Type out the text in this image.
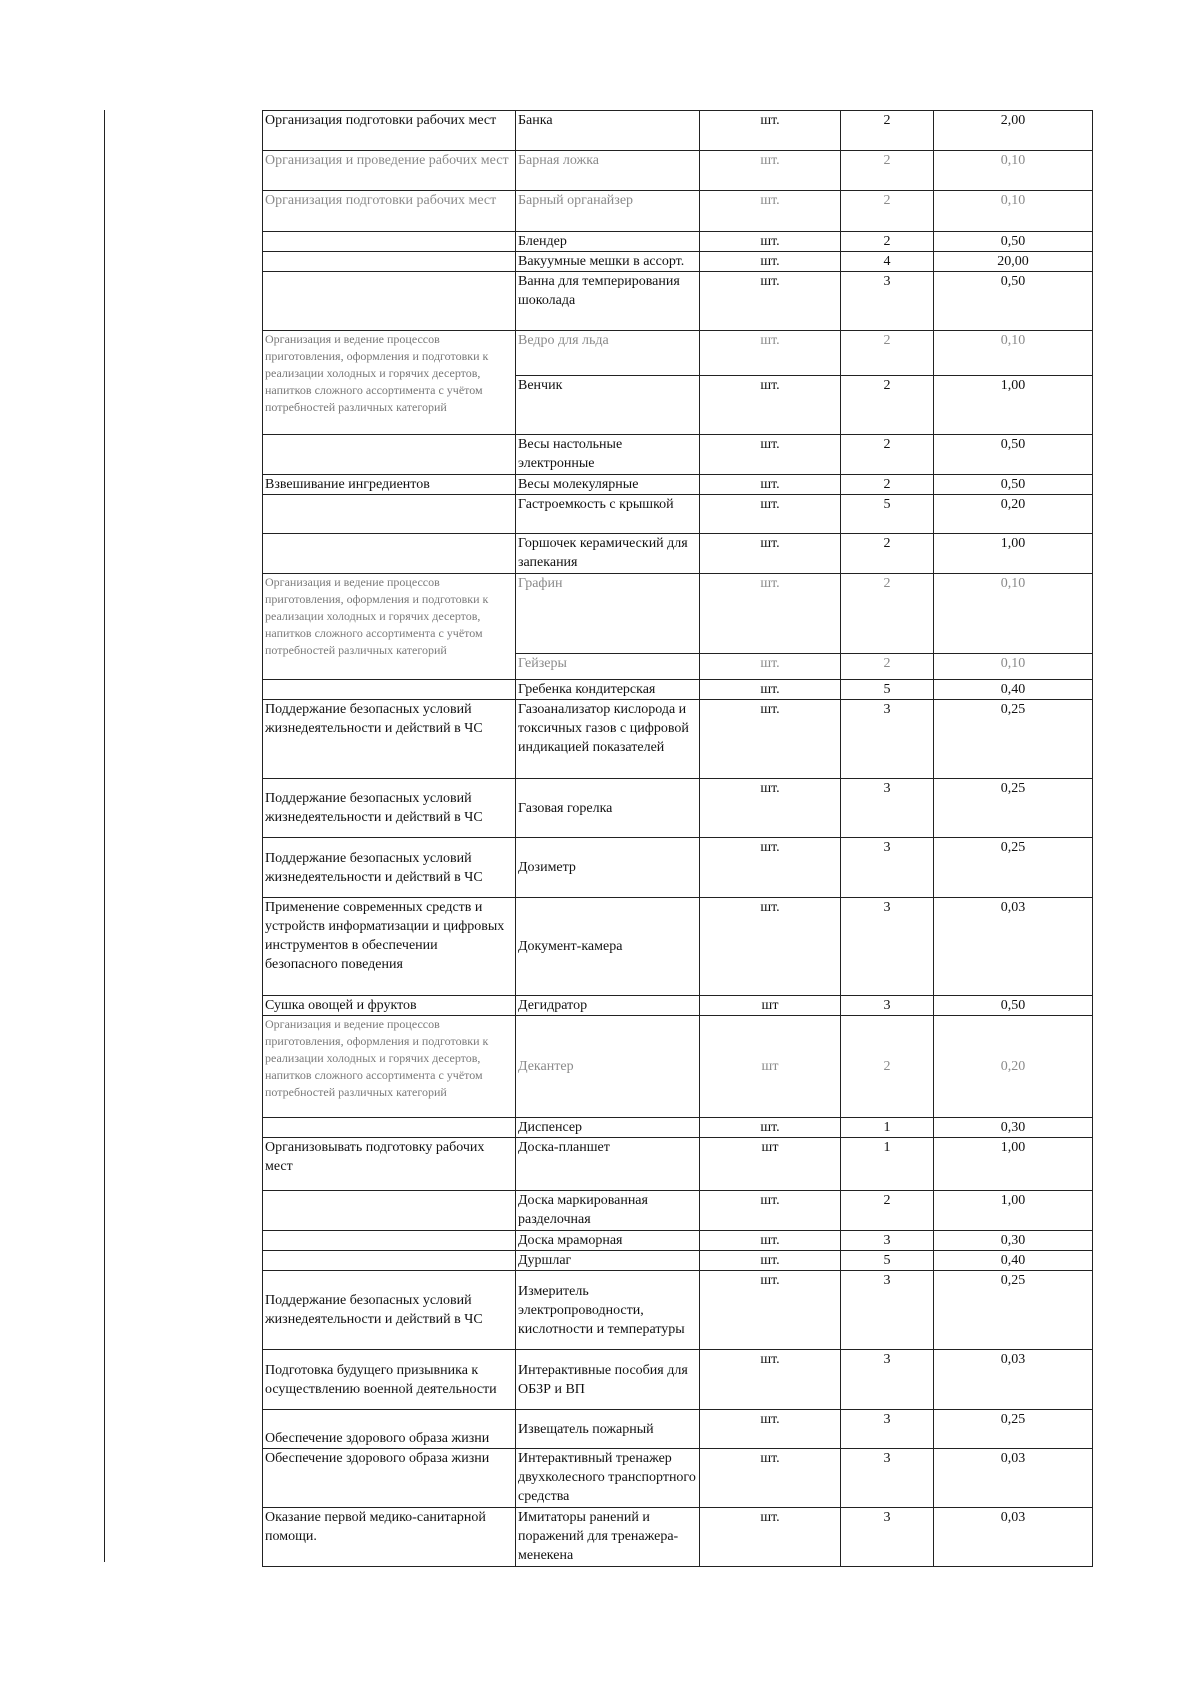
Организация подготовки рабочих мест	Банка	шт.	2	2,00
Организация и проведение рабочих мест	Барная ложка	шт.	2	0,10
Организация подготовки рабочих мест	Барный органайзер	шт.	2	0,10
	Блендер	шт.	2	0,50
	Вакуумные мешки в ассорт.	шт.	4	20,00
	Ванна для темперирования шоколада	шт.	3	0,50
Организация и ведение процессов приготовления, оформления и подготовки к реализации холодных и горячих десертов, напитков сложного ассортимента с учётом потребностей различных категорий	Ведро для льда	шт.	2	0,10
	Венчик	шт.	2	1,00
	Весы настольные электронные	шт.	2	0,50
Взвешивание ингредиентов	Весы молекулярные	шт.	2	0,50
	Гастроемкость с крышкой	шт.	5	0,20
	Горшочек керамический для запекания	шт.	2	1,00
Организация и ведение процессов приготовления, оформления и подготовки к реализации холодных и горячих десертов, напитков сложного ассортимента с учётом потребностей различных категорий	Графин	шт.	2	0,10
	Гейзеры	шт.	2	0,10
	Гребенка кондитерская	шт.	5	0,40
Поддержание безопасных условий жизнедеятельности и действий в ЧС	Газоанализатор кислорода и токсичных газов с цифровой индикацией показателей	шт.	3	0,25
Поддержание безопасных условий жизнедеятельности и действий в ЧС	Газовая горелка	шт.	3	0,25
Поддержание безопасных условий жизнедеятельности и действий в ЧС	Дозиметр	шт.	3	0,25
Применение современных средств и устройств информатизации и цифровых инструментов в обеспечении безопасного поведения	Документ-камера	шт.	3	0,03
Сушка овощей и фруктов	Дегидратор	шт	3	0,50
Организация и ведение процессов приготовления, оформления и подготовки к реализации холодных и горячих десертов, напитков сложного ассортимента с учётом потребностей различных категорий	Декантер	шт	2	0,20
	Диспенсер	шт.	1	0,30
Организовывать подготовку рабочих мест	Доска-планшет	шт	1	1,00
	Доска маркированная разделочная	шт.	2	1,00
	Доска мраморная	шт.	3	0,30
	Дуршлаг	шт.	5	0,40
Поддержание безопасных условий жизнедеятельности и действий в ЧС	Измеритель электропроводности, кислотности и температуры	шт.	3	0,25
Подготовка будущего призывника к осуществлению военной деятельности	Интерактивные пособия для ОБЗР и ВП	шт.	3	0,03
Обеспечение здорового образа жизни	Извещатель пожарный	шт.	3	0,25
Обеспечение здорового образа жизни	Интерактивный тренажер двухколесного транспортного средства	шт.	3	0,03
Оказание первой медико-санитарной помощи.	Имитаторы ранений и поражений для тренажера-менекена	шт.	3	0,03
